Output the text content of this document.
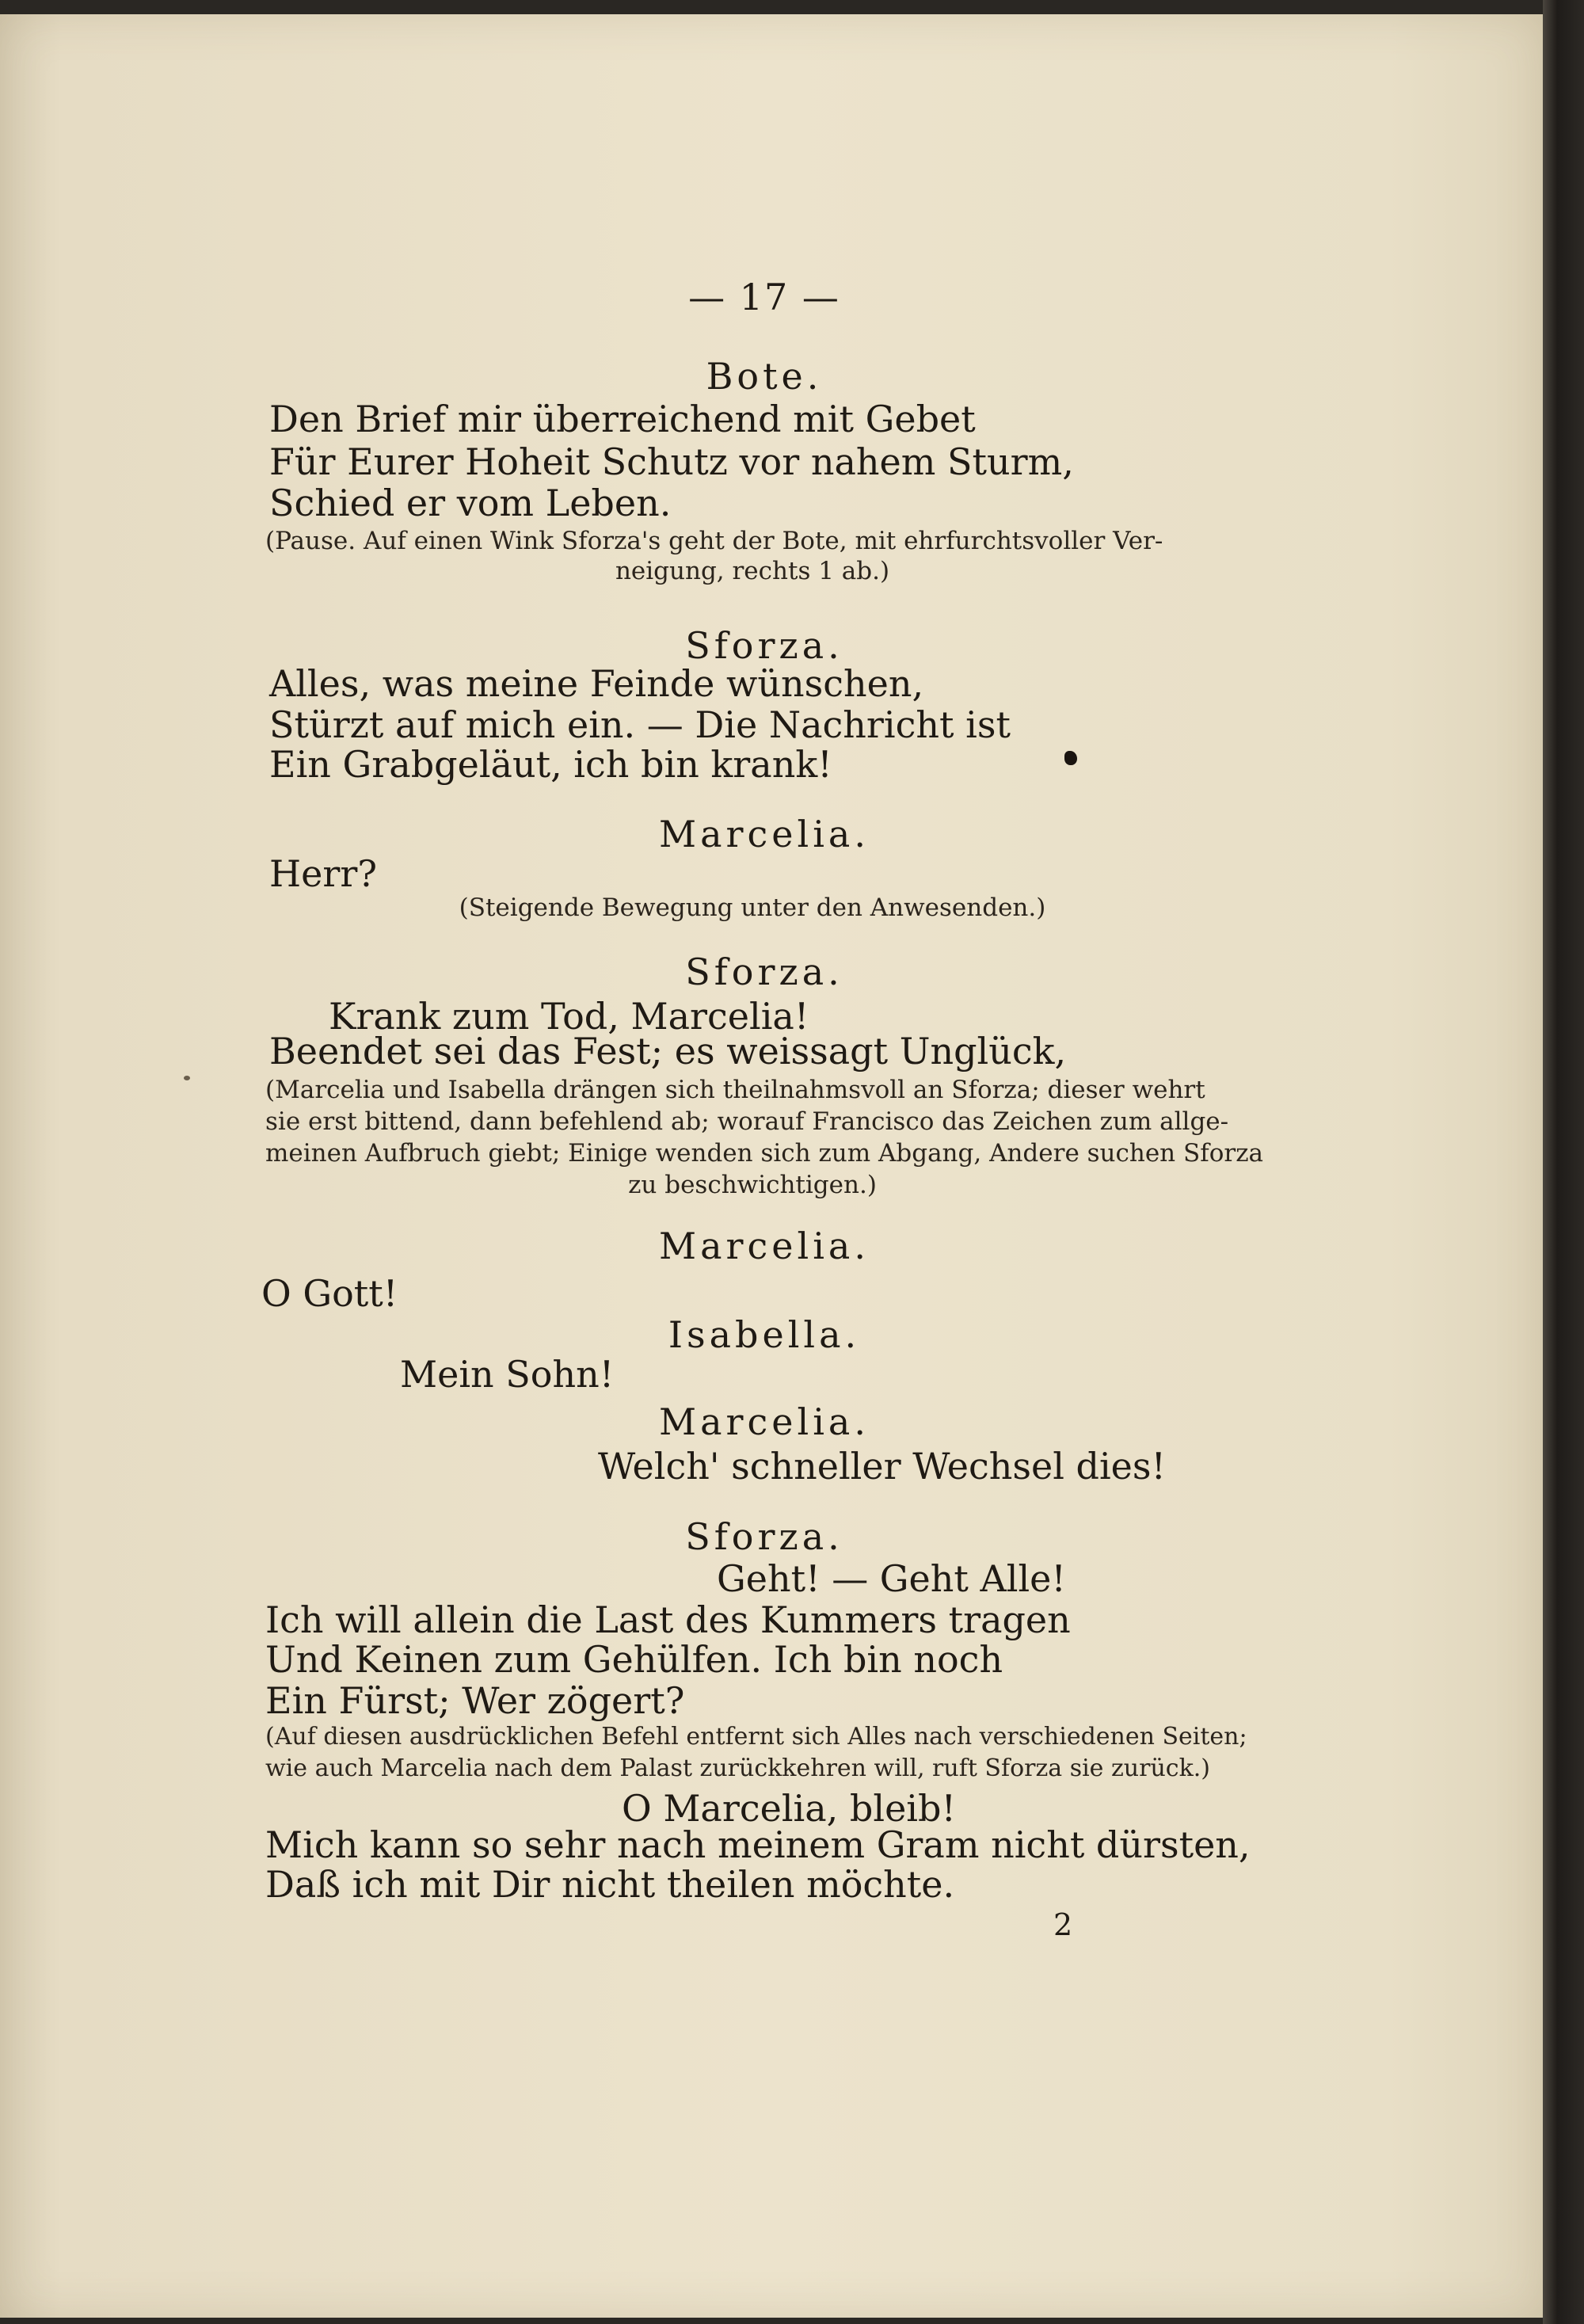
— 17 —
Bote.
Den Brief mir überreichend mit Gebet
Für Eurer Hoheit Schutz vor nahem Sturm,
Schied er vom Leben.
(Pause. Auf einen Wink Sforza's geht der Bote, mit ehrfurchtsvoller Ver-
neigung, rechts 1 ab.)
Sforza.
Alles, was meine Feinde wünschen,
Stürzt auf mich ein. — Die Nachricht ist
Ein Grabgeläut, ich bin krank!
Marcelia.
Herr?
(Steigende Bewegung unter den Anwesenden.)
Sforza.
Krank zum Tod, Marcelia!
Beendet sei das Fest; es weissagt Unglück,
(Marcelia und Isabella drängen sich theilnahmsvoll an Sforza; dieser wehrt
sie erst bittend, dann befehlend ab; worauf Francisco das Zeichen zum allge-
meinen Aufbruch giebt; Einige wenden sich zum Abgang, Andere suchen Sforza
zu beschwichtigen.)
Marcelia.
O Gott!
Isabella.
Mein Sohn!
Marcelia.
Welch' schneller Wechsel dies!
Sforza.
Geht! — Geht Alle!
Ich will allein die Last des Kummers tragen
Und Keinen zum Gehülfen. Ich bin noch
Ein Fürst; Wer zögert?
(Auf diesen ausdrücklichen Befehl entfernt sich Alles nach verschiedenen Seiten;
wie auch Marcelia nach dem Palast zurückkehren will, ruft Sforza sie zurück.)
O Marcelia, bleib!
Mich kann so sehr nach meinem Gram nicht dürsten,
Daß ich mit Dir nicht theilen möchte.
2
